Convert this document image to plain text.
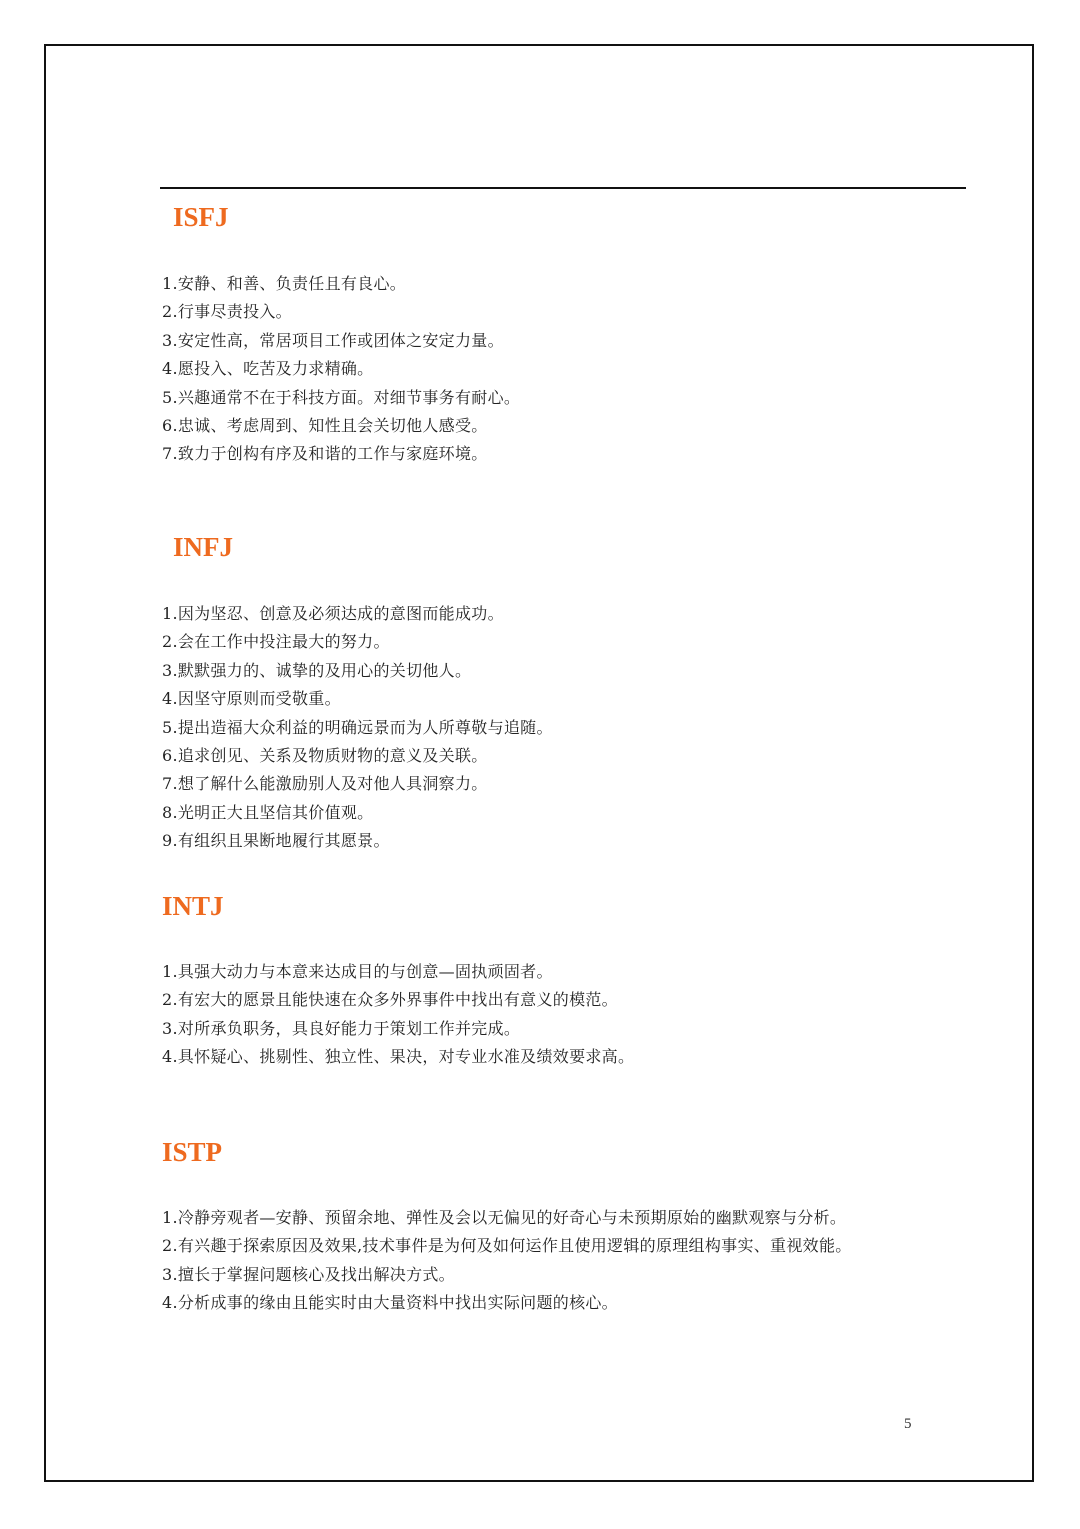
ISFJ
1.安静、和善、负责任且有良心。
2.行事尽责投入。
3.安定性高，常居项目工作或团体之安定力量。
4.愿投入、吃苦及力求精确。
5.兴趣通常不在于科技方面。对细节事务有耐心。
6.忠诚、考虑周到、知性且会关切他人感受。
7.致力于创构有序及和谐的工作与家庭环境。
INFJ
1.因为坚忍、创意及必须达成的意图而能成功。
2.会在工作中投注最大的努力。
3.默默强力的、诚挚的及用心的关切他人。
4.因坚守原则而受敬重。
5.提出造福大众利益的明确远景而为人所尊敬与追随。
6.追求创见、关系及物质财物的意义及关联。
7.想了解什么能激励别人及对他人具洞察力。
8.光明正大且坚信其价值观。
9.有组织且果断地履行其愿景。
INTJ
1.具强大动力与本意来达成目的与创意—固执顽固者。
2.有宏大的愿景且能快速在众多外界事件中找出有意义的模范。
3.对所承负职务，具良好能力于策划工作并完成。
4.具怀疑心、挑剔性、独立性、果决，对专业水准及绩效要求高。
ISTP
1.冷静旁观者—安静、预留余地、弹性及会以无偏见的好奇心与未预期原始的幽默观察与分析。
2.有兴趣于探索原因及效果,技术事件是为何及如何运作且使用逻辑的原理组构事实、重视效能。
3.擅长于掌握问题核心及找出解决方式。
4.分析成事的缘由且能实时由大量资料中找出实际问题的核心。
5
